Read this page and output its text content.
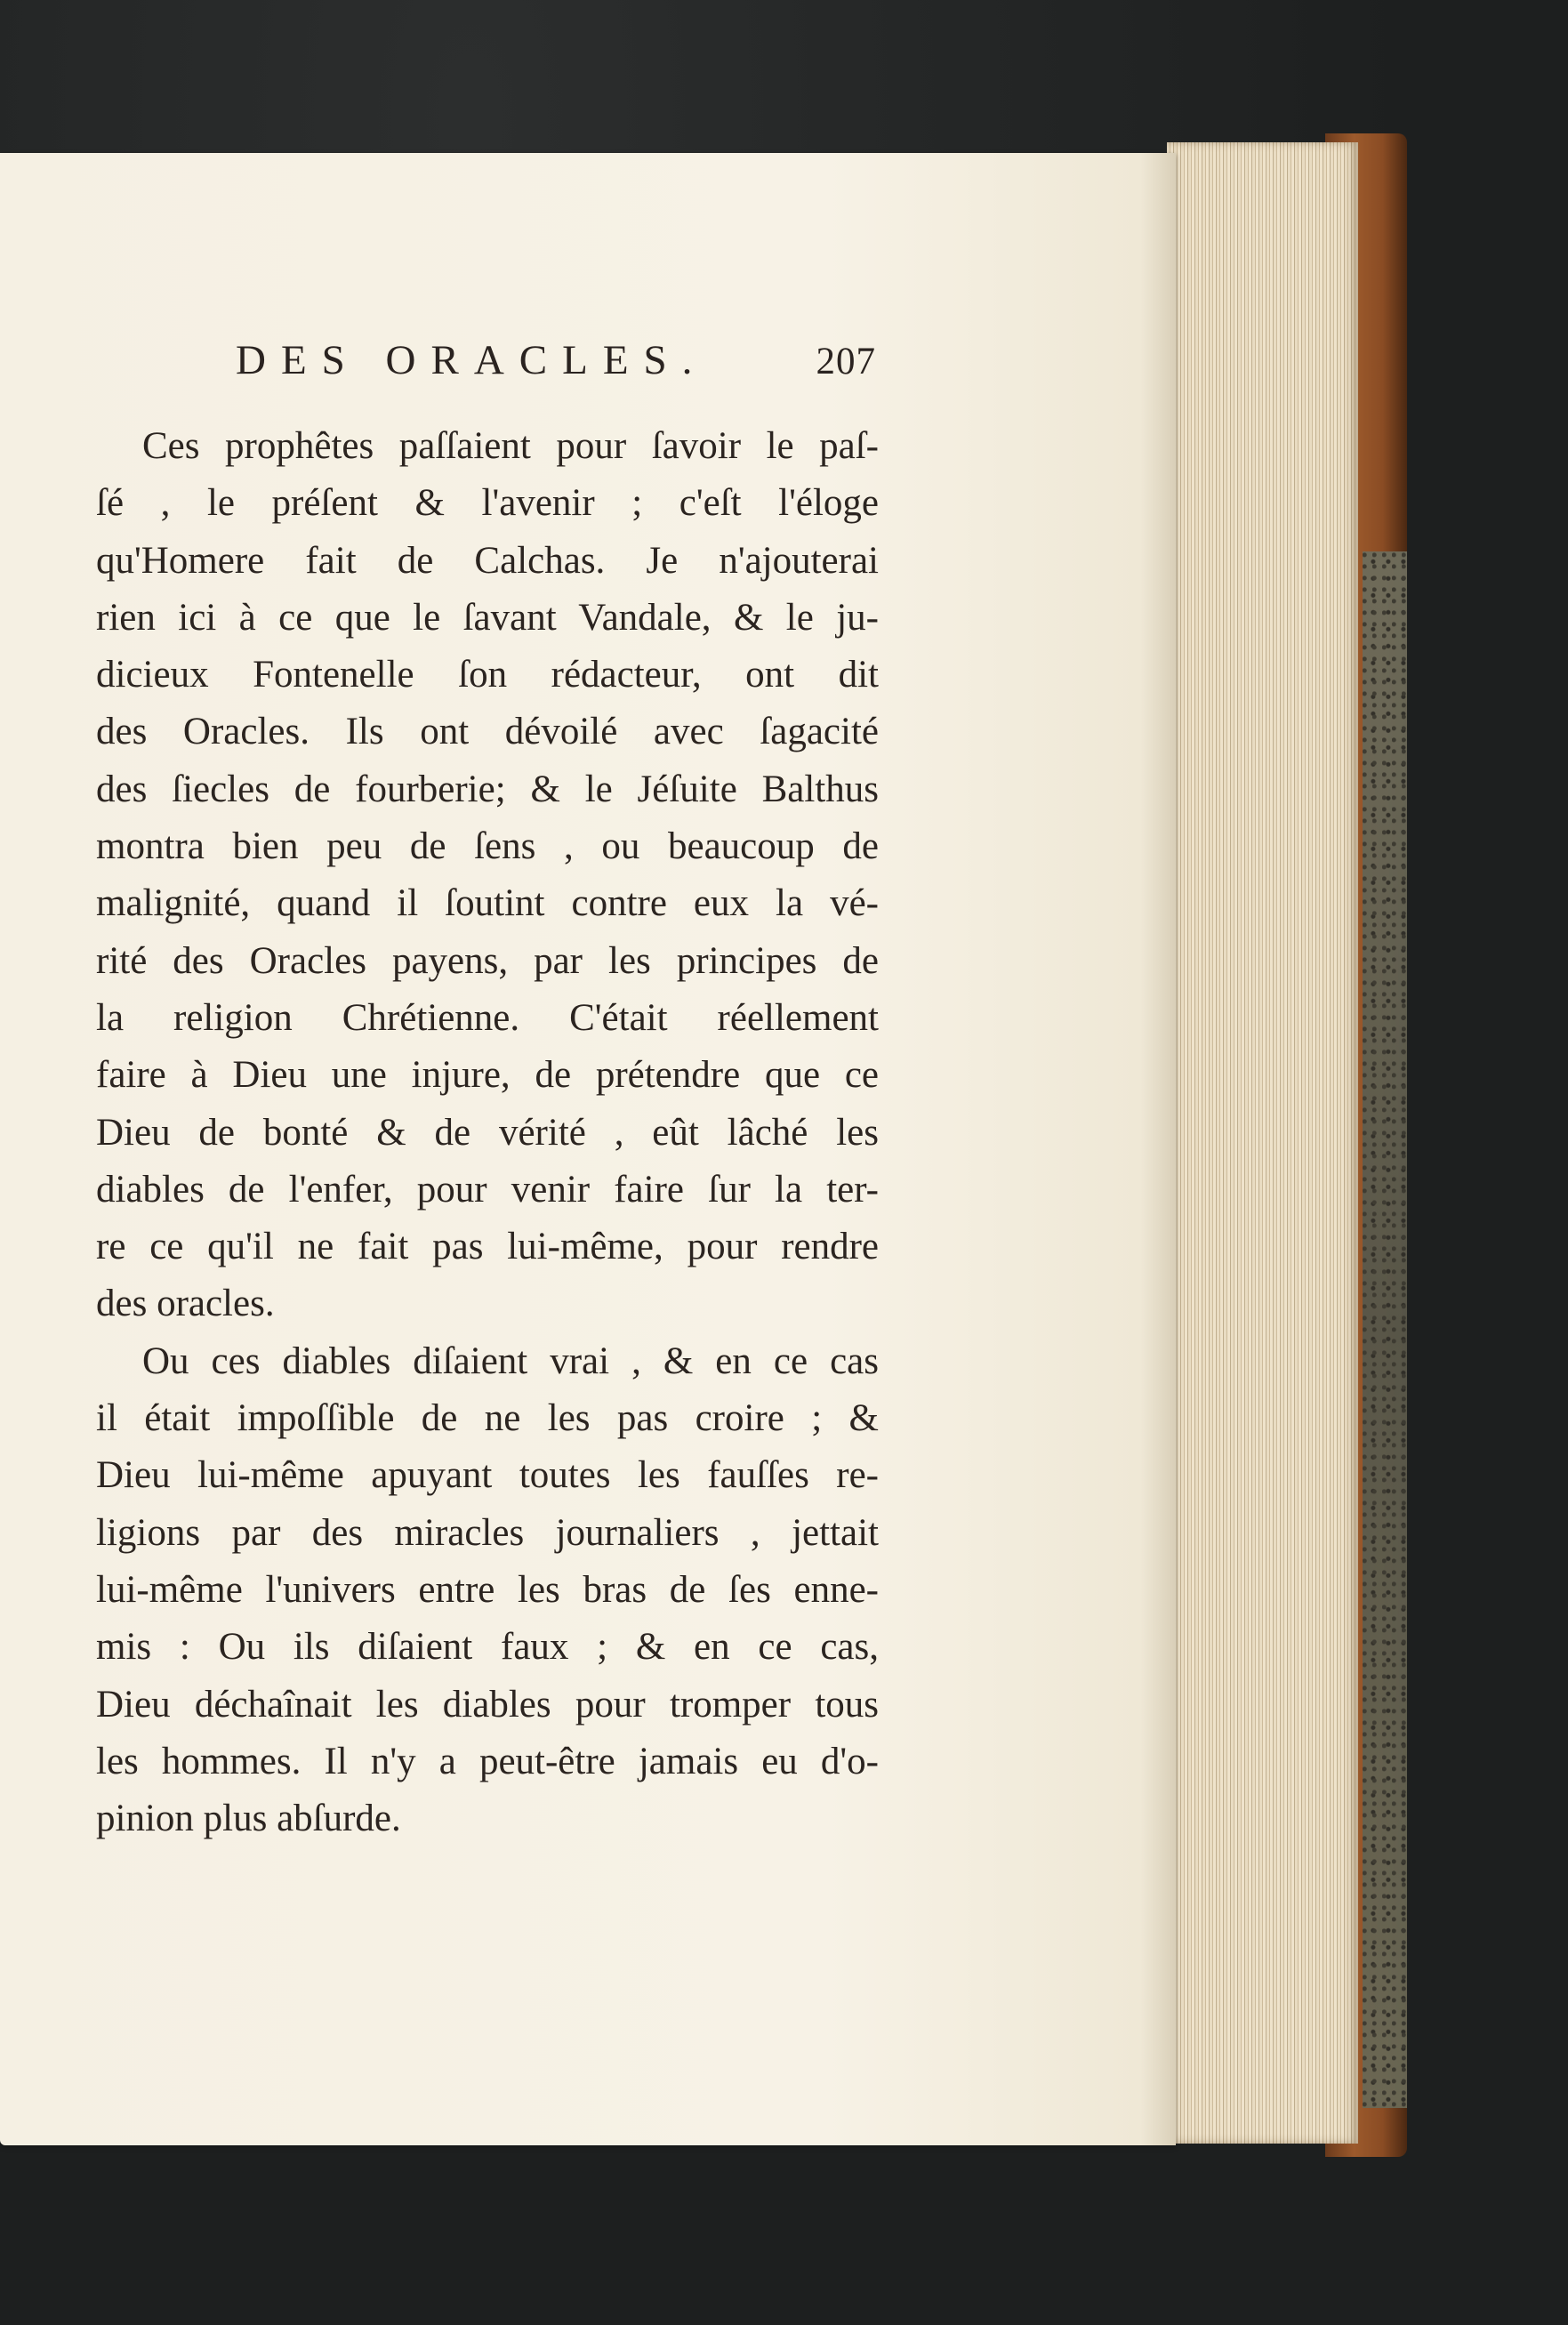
DES ORACLES.	207
Ces prophêtes paſſaient pour ſavoir le paſ-
ſé , le préſent & l'avenir ; c'eſt l'éloge
qu'Homere fait de Calchas. Je n'ajouterai
rien ici à ce que le ſavant Vandale, & le ju-
dicieux Fontenelle ſon rédacteur, ont dit
des Oracles. Ils ont dévoilé avec ſagacité
des ſiecles de fourberie; & le Jéſuite Balthus
montra bien peu de ſens , ou beaucoup de
malignité, quand il ſoutint contre eux la vé-
rité des Oracles payens, par les principes de
la religion Chrétienne. C'était réellement
faire à Dieu une injure, de prétendre que ce
Dieu de bonté & de vérité , eût lâché les
diables de l'enfer, pour venir faire ſur la ter-
re ce qu'il ne fait pas lui-même, pour rendre
des oracles.
Ou ces diables diſaient vrai , & en ce cas
il était impoſſible de ne les pas croire ; &
Dieu lui-même apuyant toutes les fauſſes re-
ligions par des miracles journaliers , jettait
lui-même l'univers entre les bras de ſes enne-
mis : Ou ils diſaient faux ; & en ce cas,
Dieu déchaînait les diables pour tromper tous
les hommes. Il n'y a peut-être jamais eu d'o-
pinion plus abſurde.
